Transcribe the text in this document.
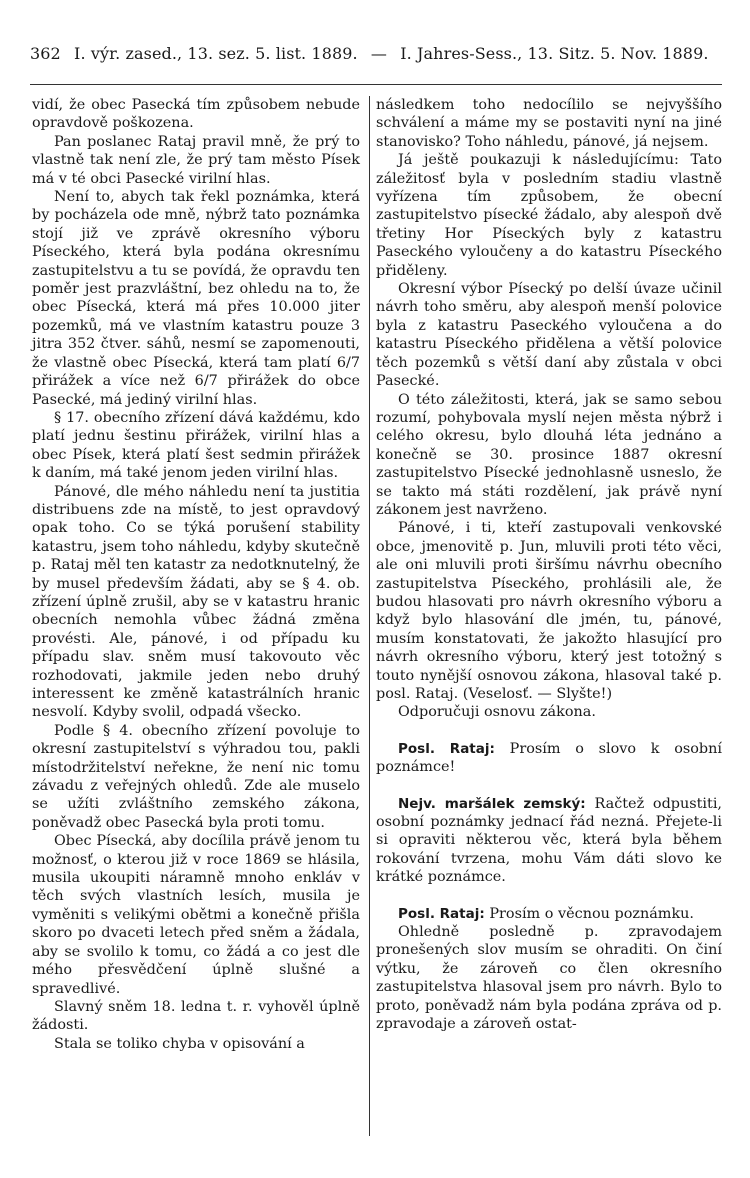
362 I. výr. zased., 13. sez. 5. list. 1889. — I. Jahres-Sess., 13. Sitz. 5. Nov. 1889.

vidí, že obec Pasecká tím způsobem nebude opravdově poškozena.

Pan poslanec Rataj pravil mně, že prý to vlastně tak není zle, že prý tam město Písek má v té obci Pasecké virilní hlas.

Není to, abych tak řekl poznámka, která by pocházela ode mně, nýbrž tato poznámka stojí již ve zprávě okresního výboru Píseckého, která byla podána okresnímu zastupitelstvu a tu se povídá, že opravdu ten poměr jest prazvláštní, bez ohledu na to, že obec Písecká, která má přes 10.000 jiter pozemků, má ve vlastním katastru pouze 3 jitra 352 čtver. sáhů, nesmí se zapomenouti, že vlastně obec Písecká, která tam platí 6/7 přirážek a více než 6/7 přirážek do obce Pasecké, má jediný virilní hlas.

§ 17. obecního zřízení dává každému, kdo platí jednu šestinu přirážek, virilní hlas a obec Písek, která platí šest sedmin přirážek k daním, má také jenom jeden virilní hlas.

Pánové, dle mého náhledu není ta justitia distribuens zde na místě, to jest opravdový opak toho. Co se týká porušení stability katastru, jsem toho náhledu, kdyby skutečně p. Rataj měl ten katastr za nedotknutelný, že by musel především žádati, aby se § 4. ob. zřízení úplně zrušil, aby se v katastru hranic obecních nemohla vůbec žádná změna provésti. Ale, pánové, i od případu ku případu slav. sněm musí takovouto věc rozhodovati, jakmile jeden nebo druhý interessent ke změně katastrálních hranic nesvolí. Kdyby svolil, odpadá všecko.

Podle § 4. obecního zřízení povoluje to okresní zastupitelství s výhradou tou, pakli místodržitelství neřekne, že není nic tomu závadu z veřejných ohledů. Zde ale muselo se užíti zvláštního zemského zákona, poněvadž obec Pasecká byla proti tomu.

Obec Písecká, aby docílila právě jenom tu možnosť, o kterou již v roce 1869 se hlásila, musila ukoupiti náramně mnoho enkláv v těch svých vlastních lesích, musila je vyměniti s velikými obětmi a konečně přišla skoro po dvaceti letech před sněm a žádala, aby se svolilo k tomu, co žádá a co jest dle mého přesvědčení úplně slušné a spravedlivé.

Slavný sněm 18. ledna t. r. vyhověl úplně žádosti.

Stala se toliko chyba v opisování a

následkem toho nedocílilo se nejvyššího schválení a máme my se postaviti nyní na jiné stanovisko? Toho náhledu, pánové, já nejsem.

Já ještě poukazuji k následujícímu: Tato záležitosť byla v posledním stadiu vlastně vyřízena tím způsobem, že obecní zastupitelstvo písecké žádalo, aby alespoň dvě třetiny Hor Píseckých byly z katastru Paseckého vyloučeny a do katastru Píseckého přiděleny.

Okresní výbor Písecký po delší úvaze učinil návrh toho směru, aby alespoň menší polovice byla z katastru Paseckého vyloučena a do katastru Píseckého přidělena a větší polovice těch pozemků s větší daní aby zůstala v obci Pasecké.

O této záležitosti, která, jak se samo sebou rozumí, pohybovala myslí nejen města nýbrž i celého okresu, bylo dlouhá léta jednáno a konečně se 30. prosince 1887 okresní zastupitelstvo Písecké jednohlasně usneslo, že se takto má státi rozdělení, jak právě nyní zákonem jest navrženo.

Pánové, i ti, kteří zastupovali venkovské obce, jmenovitě p. Jun, mluvili proti této věci, ale oni mluvili proti širšímu návrhu obecního zastupitelstva Píseckého, prohlásili ale, že budou hlasovati pro návrh okresního výboru a když bylo hlasování dle jmén, tu, pánové, musím konstatovati, že jakožto hlasující pro návrh okresního výboru, který jest totožný s touto nynější osnovou zákona, hlasoval také p. posl. Rataj. (Veselosť. — Slyšte!)

Odporučuji osnovu zákona.

Posl. Rataj: Prosím o slovo k osobní poznámce!

Nejv. maršálek zemský: Račtež odpustiti, osobní poznámky jednací řád nezná. Přejete-li si opraviti některou věc, která byla během rokování tvrzena, mohu Vám dáti slovo ke krátké poznámce.

Posl. Rataj: Prosím o věcnou poznámku.

Ohledně posledně p. zpravodajem pronešených slov musím se ohraditi. On činí výtku, že zároveň co člen okresního zastupitelstva hlasoval jsem pro návrh. Bylo to proto, poněvadž nám byla podána zpráva od p. zpravodaje a zároveň ostat-
